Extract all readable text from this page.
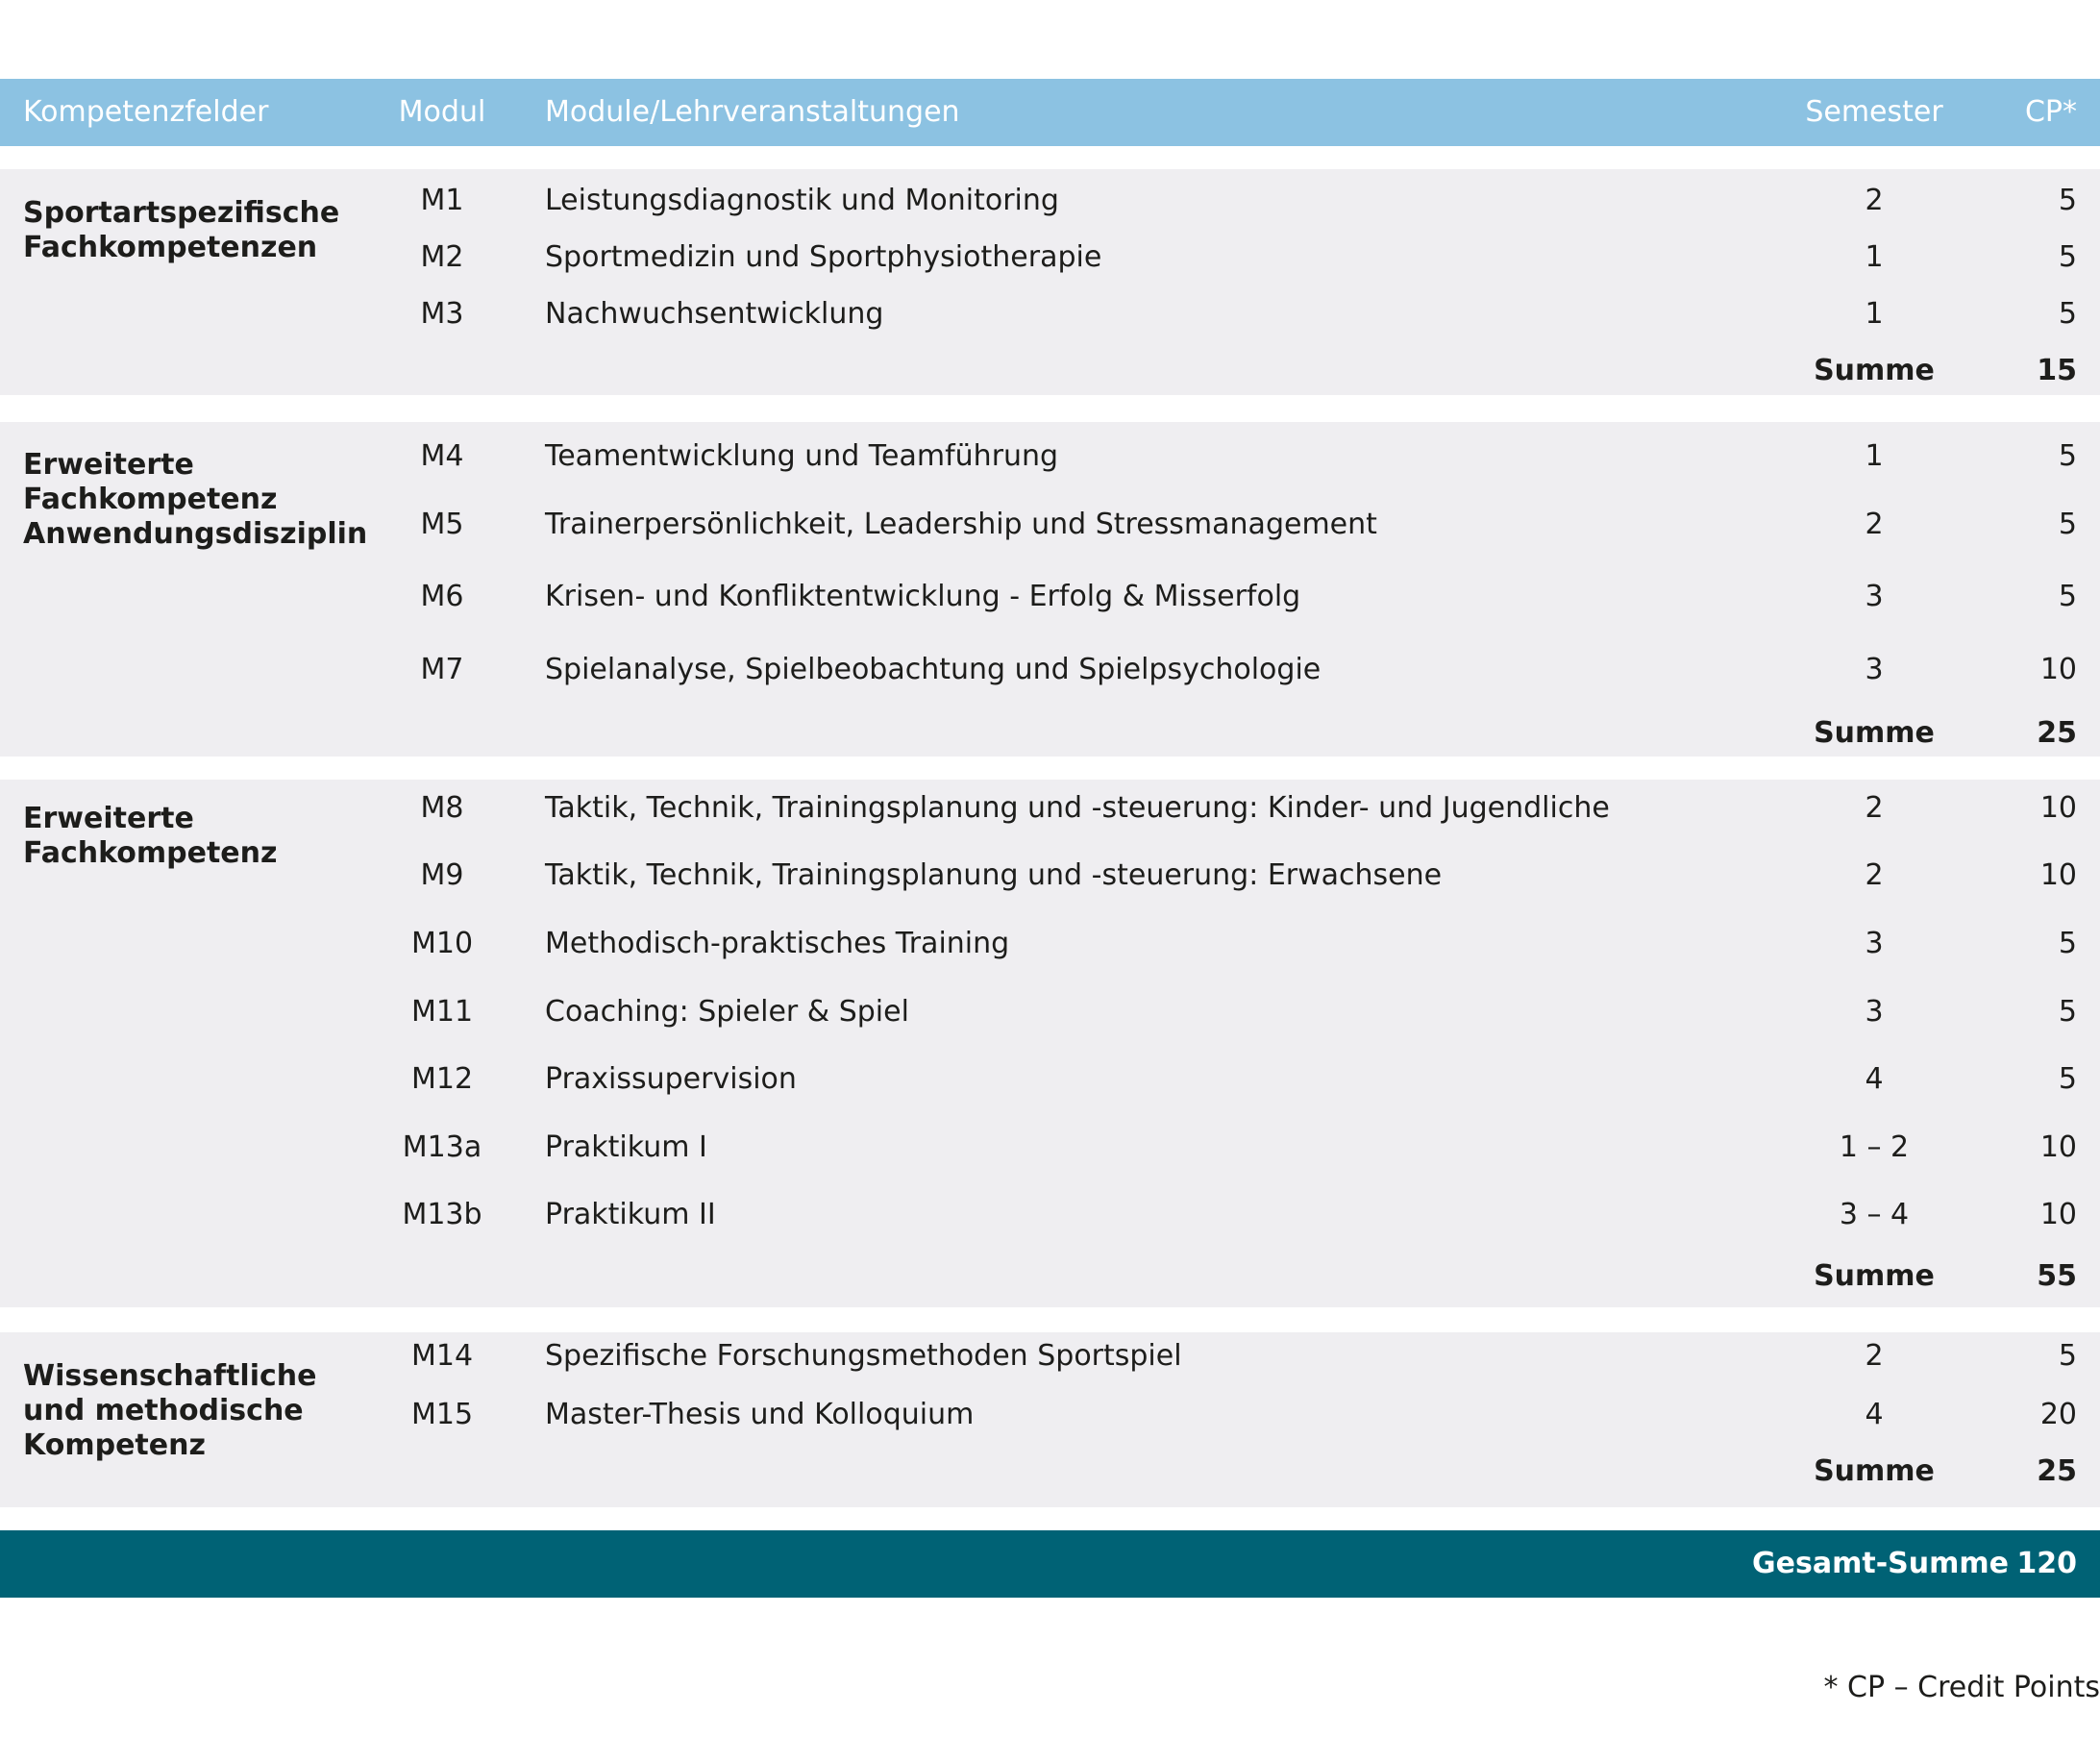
Kompetenzfelder	Modul	Module/Lehrveranstaltungen	Semester	CP*
Sportartspezifische
Fachkompetenzen
M1	Leistungsdiagnostik und Monitoring	2	5
M2	Sportmedizin und Sportphysiotherapie	1	5
M3	Nachwuchsentwicklung	1	5
Summe	15
Erweiterte
Fachkompetenz
Anwendungsdisziplin
M4	Teamentwicklung und Teamführung	1	5
M5	Trainerpersönlichkeit, Leadership und Stressmanagement	2	5
M6	Krisen- und Konfliktentwicklung - Erfolg & Misserfolg	3	5
M7	Spielanalyse, Spielbeobachtung und Spielpsychologie	3	10
Summe	25
Erweiterte
Fachkompetenz
M8	Taktik, Technik, Trainingsplanung und -steuerung: Kinder- und Jugendliche	2	10
M9	Taktik, Technik, Trainingsplanung und -steuerung: Erwachsene	2	10
M10	Methodisch-praktisches Training	3	5
M11	Coaching: Spieler & Spiel	3	5
M12	Praxissupervision	4	5
M13a	Praktikum I	1 – 2	10
M13b	Praktikum II	3 – 4	10
Summe	55
Wissenschaftliche
und methodische
Kompetenz
M14	Spezifische Forschungsmethoden Sportspiel	2	5
M15	Master-Thesis und Kolloquium	4	20
Summe	25
Gesamt-Summe 120
* CP – Credit Points
